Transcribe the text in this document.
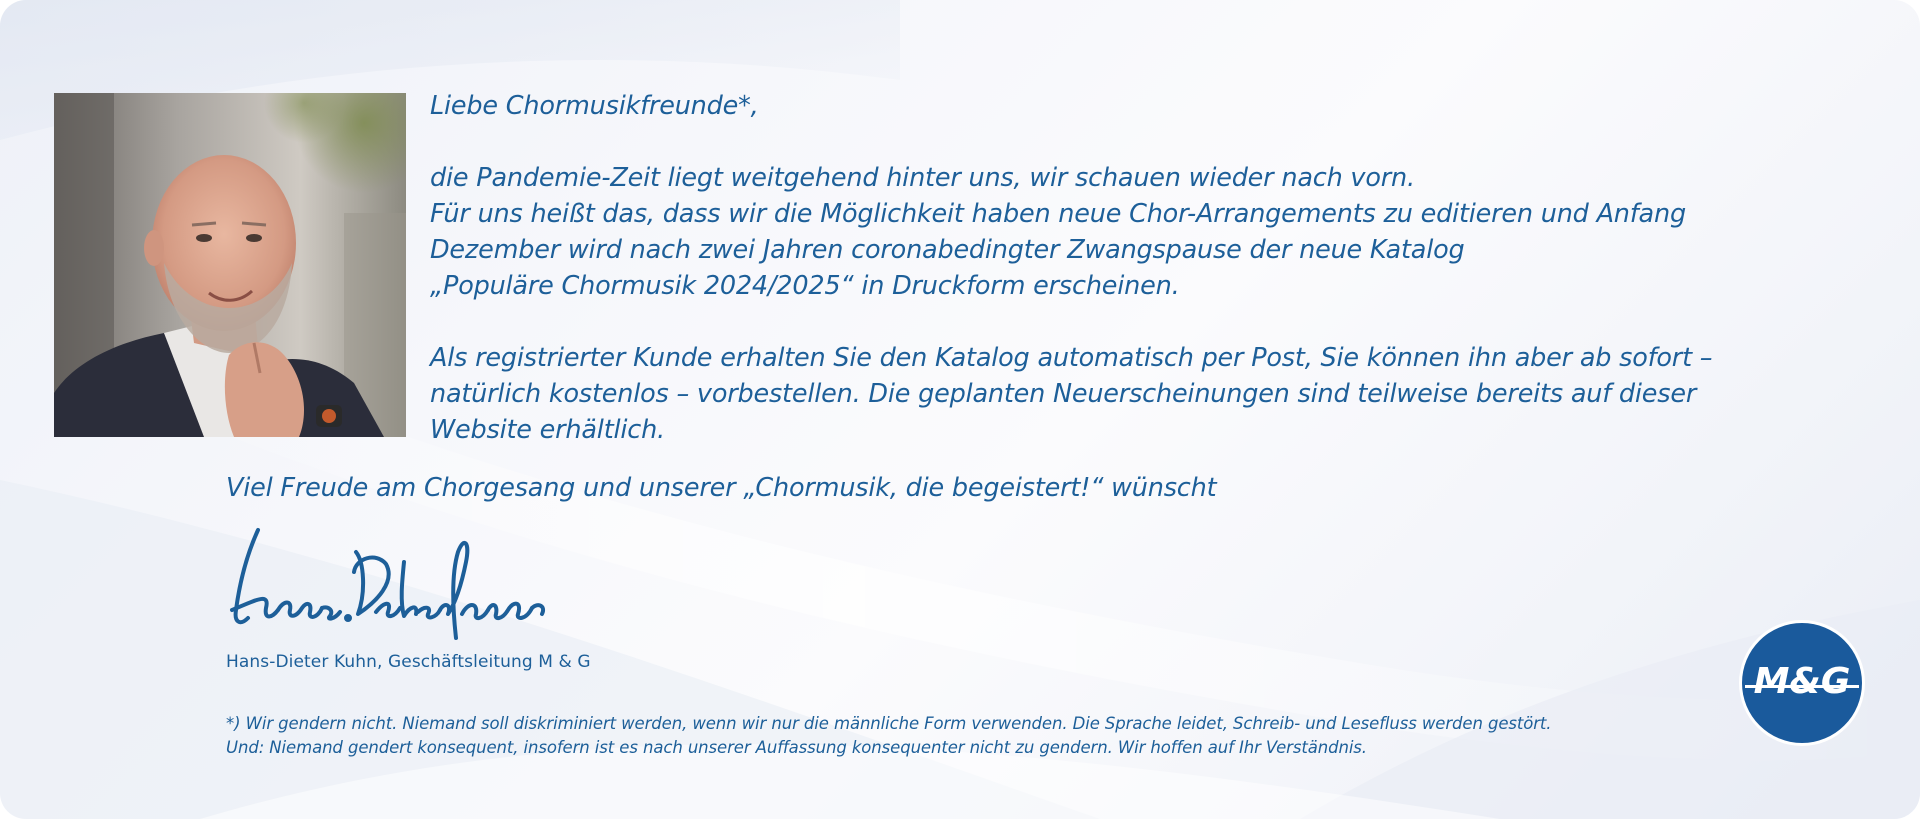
Liebe Chormusikfreunde*,

die Pandemie-Zeit liegt weitgehend hinter uns, wir schauen wieder nach vorn.

Für uns heißt das, dass wir die Möglichkeit haben neue Chor-Arrangements zu editieren und Anfang

Dezember wird nach zwei Jahren coronabedingter Zwangspause der neue Katalog

„Populäre Chormusik 2024/2025“ in Druckform erscheinen.

Als registrierter Kunde erhalten Sie den Katalog automatisch per Post, Sie können ihn aber ab sofort –

natürlich kostenlos – vorbestellen. Die geplanten Neuerscheinungen sind teilweise bereits auf dieser

Website erhältlich.

Viel Freude am Chorgesang und unserer „Chormusik, die begeistert!“ wünscht
Hans-Dieter Kuhn, Geschäftsleitung M & G

*) Wir gendern nicht. Niemand soll diskriminiert werden, wenn wir nur die männliche Form verwenden. Die Sprache leidet, Schreib- und Lesefluss werden gestört.

Und: Niemand gendert konsequent, insofern ist es nach unserer Auffassung konsequenter nicht zu gendern. Wir hoffen auf Ihr Verständnis.

M&G
